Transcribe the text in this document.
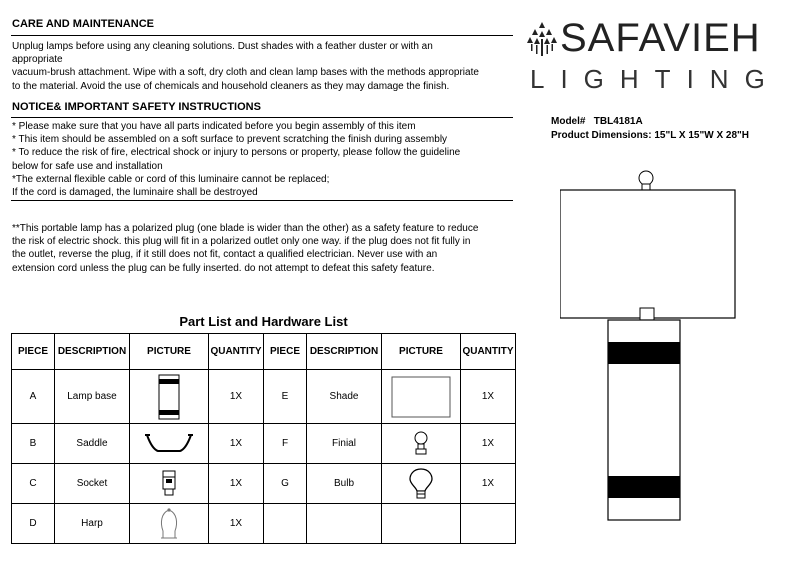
CARE AND MAINTENANCE
Unplug lamps before using any cleaning solutions. Dust shades with a feather duster or with an
appropriate
vacuum-brush attachment. Wipe with a soft, dry cloth and clean lamp bases with the methods appropriate
to the material. Avoid the use of chemicals and household cleaners as they may damage the finish.
NOTICE& IMPORTANT SAFETY INSTRUCTIONS
* Please make sure that you have all parts indicated before you begin assembly of this item
* This item should be assembled on a soft surface to prevent scratching the finish during assembly
* To reduce the risk of fire, electrical shock or injury to persons or property, please follow the guideline
below for safe use and installation
*The external flexible cable or cord of this luminaire cannot be replaced;
If the cord is damaged, the luminaire shall be destroyed
**This portable lamp has a polarized plug (one blade is wider than the other) as a safety feature to reduce
the risk of electric shock. this plug will fit in a polarized outlet only one way. if the plug does not fit fully in
the outlet, reverse the plug, if it still does not fit, contact a qualified electrician. Never use with an
extension cord unless the plug can be fully inserted. do not attempt to defeat this safety feature.
SAFAVIEH
LIGHTING
Model#   TBL4181A
Product Dimensions: 15"L X 15"W X 28"H
Part List and Hardware List
PIECE	DESCRIPTION	PICTURE	QUANTITY	PIECE	DESCRIPTION	PICTURE	QUANTITY
A	Lamp base		1X	E	Shade		1X
B	Saddle		1X	F	Finial		1X
C	Socket		1X	G	Bulb		1X
D	Harp		1X				
